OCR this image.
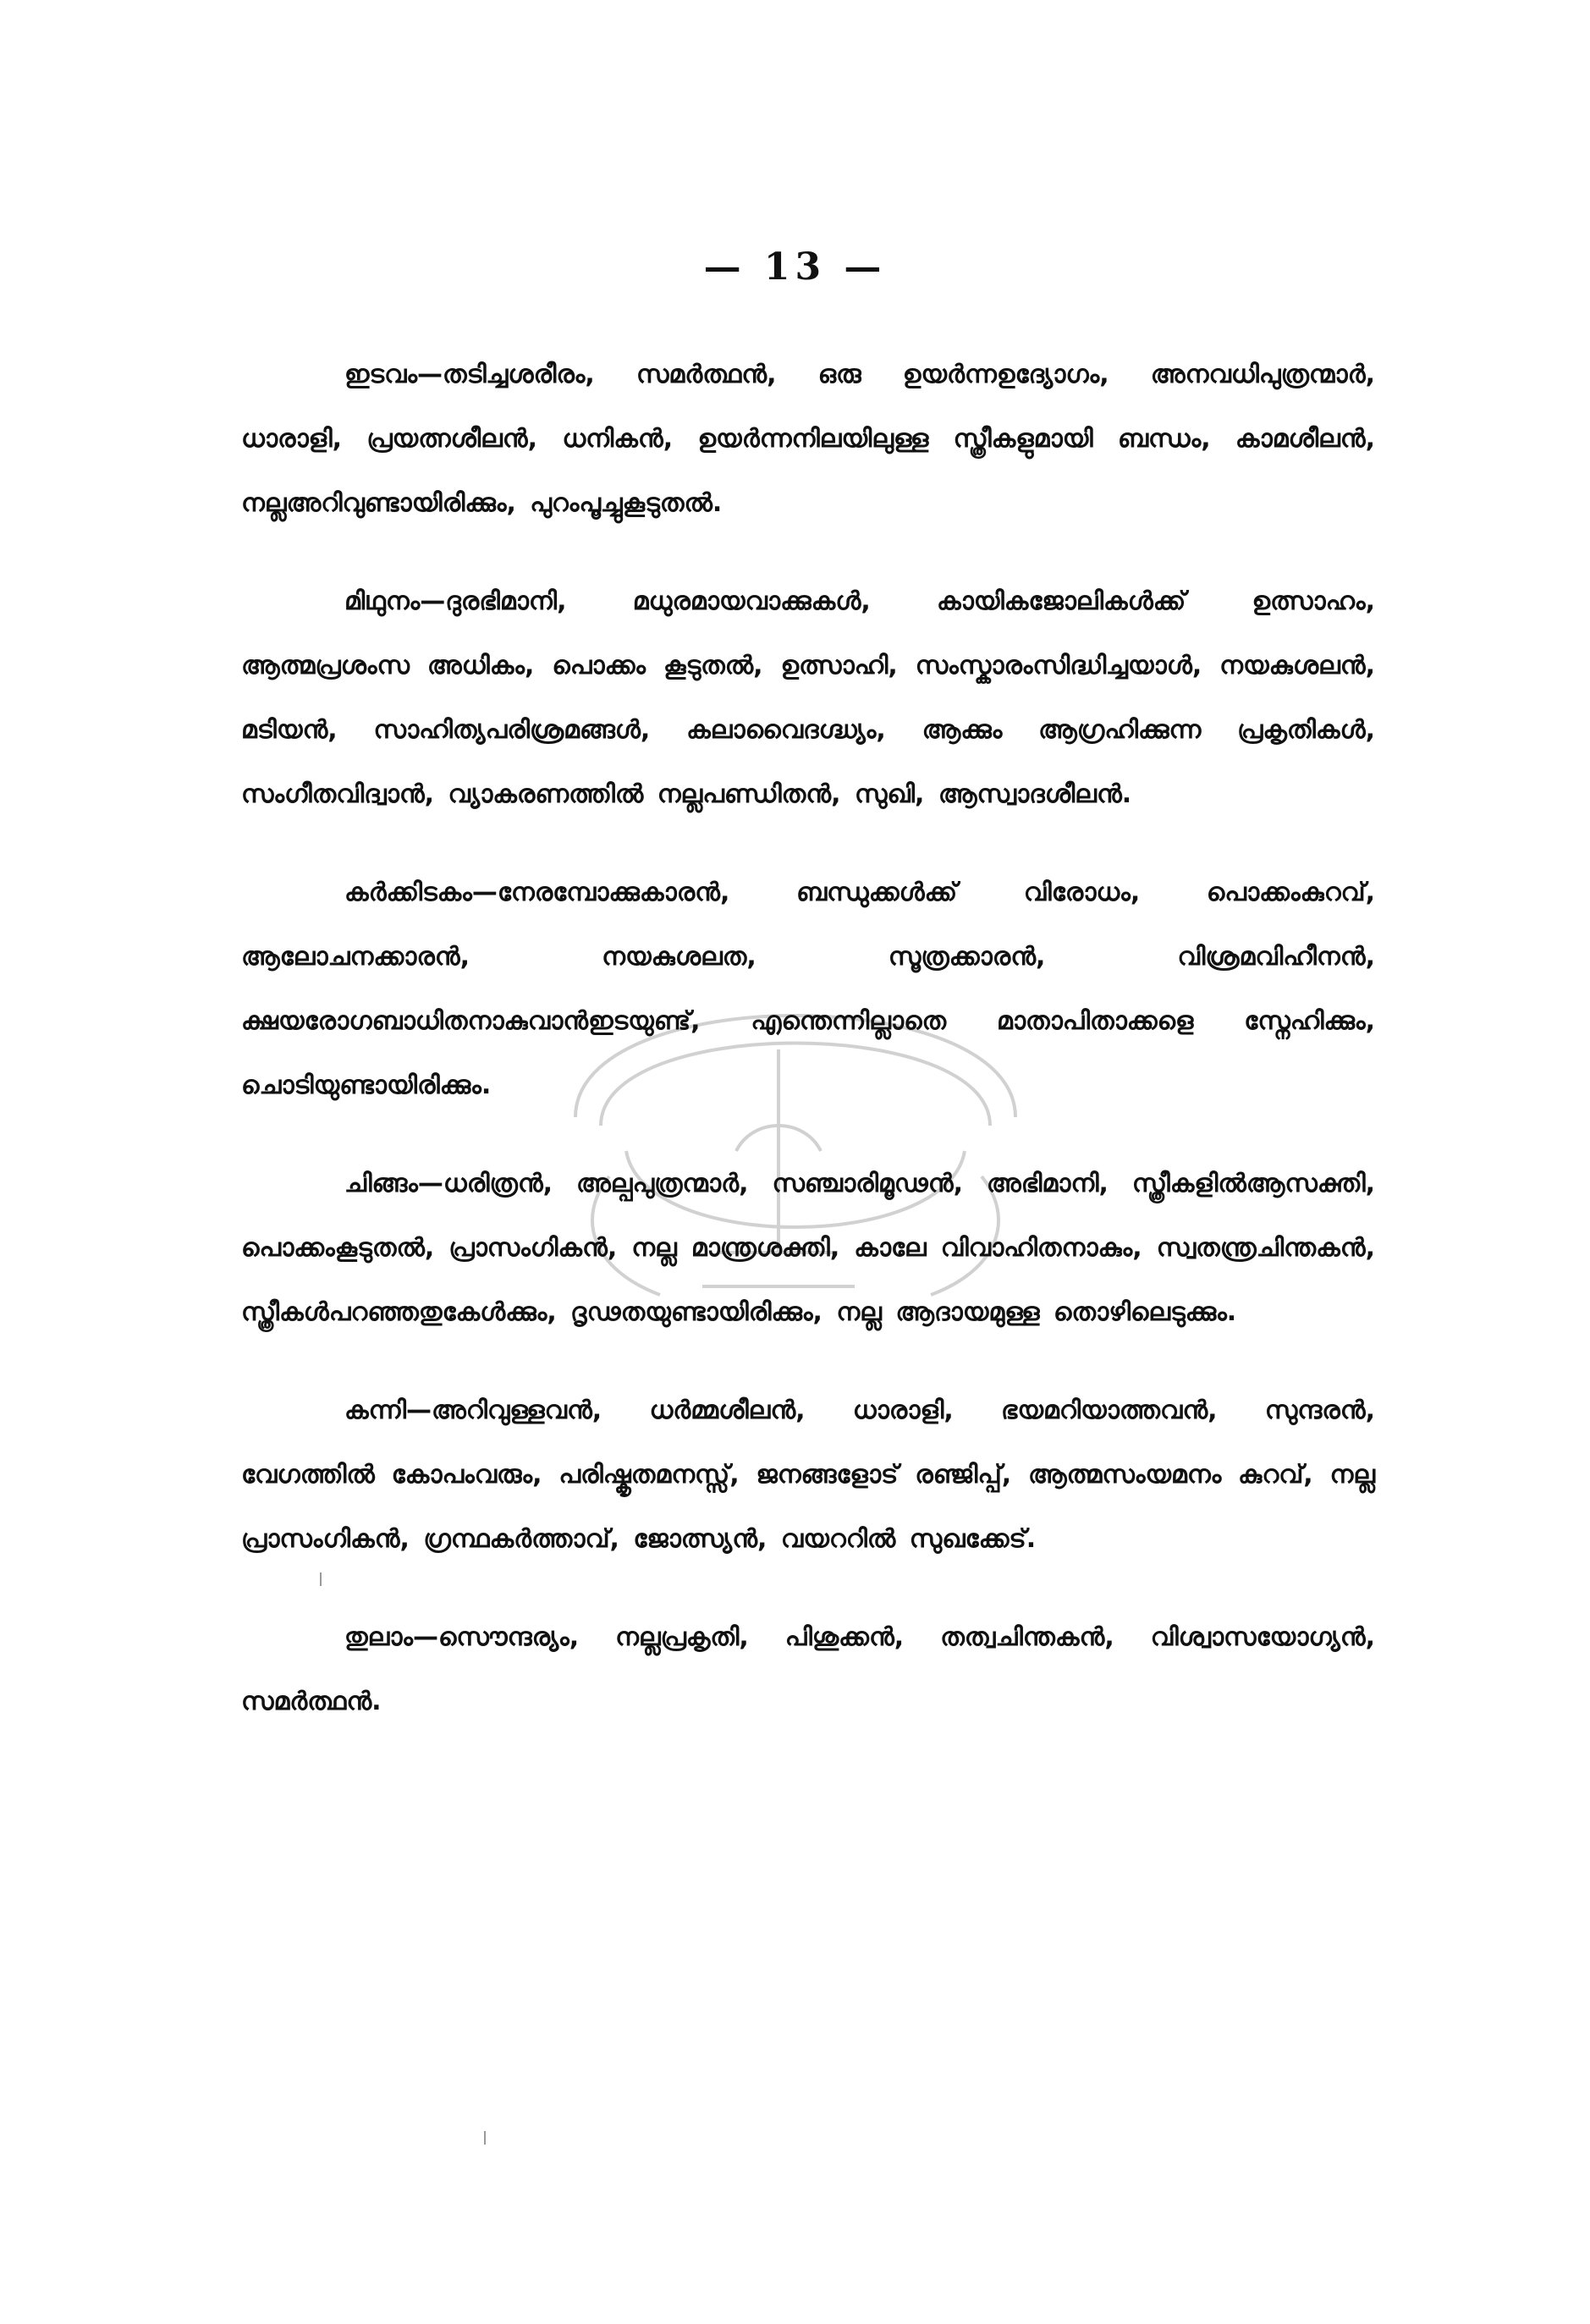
— 13 —

ഇടവം—തടിച്ചശരീരം, സമർത്ഥൻ, ഒരു ഉയർന്നഉദ്യോഗം, അനവധിപുത്രന്മാർ, ധാരാളി, പ്രയത്നശീലൻ, ധനികൻ, ഉയർന്നനിലയിലുള്ള സ്ത്രീകളുമായി ബന്ധം, കാമശീലൻ, നല്ലഅറിവുണ്ടായിരിക്കും, പുറംപൂച്ചുകൂടുതൽ.

മിഥുനം—ദുരഭിമാനി, മധുരമായവാക്കുകൾ, കായികജോലികൾക്ക് ഉത്സാഹം, ആത്മപ്രശംസ അധികം, പൊക്കം കൂടുതൽ, ഉത്സാഹി, സംസ്കാരംസിദ്ധിച്ചയാൾ, നയകുശലൻ, മടിയൻ, സാഹിത്യപരിശ്രമങ്ങൾ, കലാവൈദഗ്ദ്ധ്യം, ആക്കും ആഗ്രഹിക്കുന്ന പ്രകൃതികൾ, സംഗീതവിദ്വാൻ, വ്യാകരണത്തിൽ നല്ലപണ്ഡിതൻ, സുഖി, ആസ്വാദശീലൻ.

കർക്കിടകം—നേരമ്പോക്കുകാരൻ, ബന്ധുക്കൾക്ക് വിരോധം, പൊക്കംകുറവ്, ആലോചനക്കാരൻ, നയകുശലത, സൂത്രക്കാരൻ, വിശ്രമവിഹീനൻ, ക്ഷയരോഗബാധിതനാകുവാൻഇടയുണ്ട്, എന്തെന്നില്ലാതെ മാതാപിതാക്കളെ സ്നേഹിക്കും, ചൊടിയുണ്ടായിരിക്കും.

ചിങ്ങം—ധരിത്രൻ, അല്പപുത്രന്മാർ, സഞ്ചാരിമൂഢൻ, അഭിമാനി, സ്ത്രീകളിൽആസക്തി, പൊക്കംകൂടുതൽ, പ്രാസംഗികൻ, നല്ല മാന്ത്രശക്തി, കാലേ വിവാഹിതനാകും, സ്വതന്ത്രചിന്തകൻ, സ്ത്രീകൾപറഞ്ഞതുകേൾക്കും, ദൃഢതയുണ്ടായിരിക്കും, നല്ല ആദായമുള്ള തൊഴിലെടുക്കും.

കന്നി—അറിവുള്ളവൻ, ധർമ്മശീലൻ, ധാരാളി, ഭയമറിയാത്തവൻ, സുന്ദരൻ, വേഗത്തിൽ കോപംവരും, പരിഷ്കൃതമനസ്സ്, ജനങ്ങളോട് രഞ്ജിപ്പ്, ആത്മസംയമനം കുറവ്, നല്ല പ്രാസംഗികൻ, ഗ്രന്ഥകർത്താവ്, ജോത്സ്യൻ, വയററിൽ സുഖക്കേട്.

തുലാം—സൌന്ദര്യം, നല്ലപ്രകൃതി, പിശുക്കൻ, തത്വചിന്തകൻ, വിശ്വാസയോഗ്യൻ, സമർത്ഥൻ.
